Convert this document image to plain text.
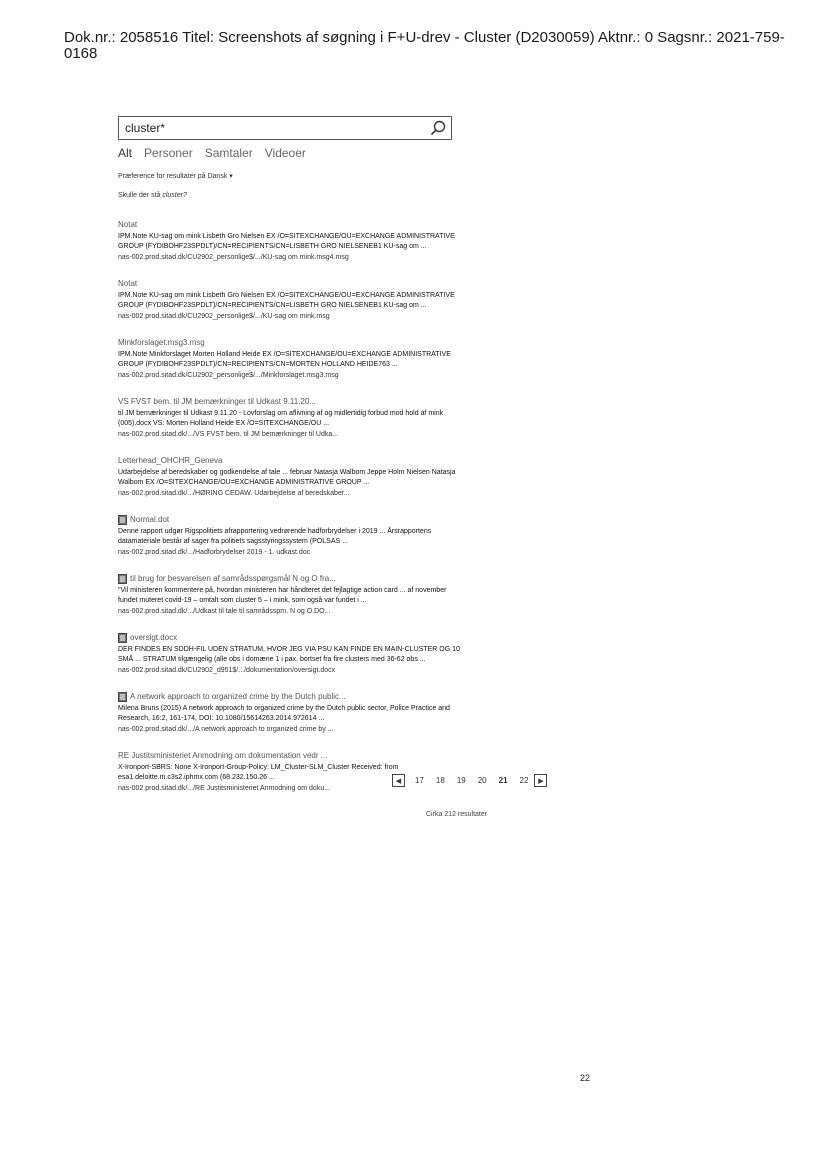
Dok.nr.: 2058516 Titel: Screenshots af søgning i F+U-drev - Cluster (D2030059) Aktnr.: 0 Sagsnr.: 2021-759-0168
cluster*
Alt Personer Samtaler Videoer
Præference for resultater på Dansk ▾
Skulle der stå cluster?
Notat
IPM.Note KU-sag om mink Lisbeth Gro Nielsen EX /O=SITEXCHANGE/OU=EXCHANGE ADMINISTRATIVE GROUP (FYDIBOHF23SPDLT)/CN=RECIPIENTS/CN=LISBETH GRO NIELSENEB1 KU-sag om ...
nas-002.prod.sitad.dk/CU2902_personlige$/.../KU-sag om mink.msg4.msg
Notat
IPM.Note KU-sag om mink Lisbeth Gro Nielsen EX /O=SITEXCHANGE/OU=EXCHANGE ADMINISTRATIVE GROUP (FYDIBOHF23SPDLT)/CN=RECIPIENTS/CN=LISBETH GRO NIELSENEB1 KU-sag om ...
nas-002.prod.sitad.dk/CU2902_personlige$/.../KU-sag om mink.msg
Minkforslaget.msg3.msg
IPM.Note Minkforslaget Morten Holland Heide EX /O=SITEXCHANGE/OU=EXCHANGE ADMINISTRATIVE GROUP (FYDIBOHF23SPDLT)/CN=RECIPIENTS/CN=MORTEN HOLLAND HEIDE763 ...
nas-002.prod.sitad.dk/CU2902_personlige$/.../Minkforslaget.msg3.msg
VS FVST bem. til JM bemærkninger til Udkast 9.11.20...
til JM bemærkninger til Udkast 9.11.20 - Lovforslag om aflivning af og midlertidig forbud mod hold af mink (005).docx VS: Morten Holland Heide EX /O=SITEXCHANGE/OU ...
nas-002.prod.sitad.dk/.../VS FVST bem. til JM bemærkninger til Udka...
Letterhead_OHCHR_Geneva
Udarbejdelse af beredskaber og godkendelse af tale ... februar Natasja Walbom Jeppe Holm Nielsen Natasja Walbom EX /O=SITEXCHANGE/OU=EXCHANGE ADMINISTRATIVE GROUP ...
nas-002.prod.sitad.dk/.../HØRING CEDAW. Udarbejdelse af beredskaber...
Normal.dot
Denne rapport udgør Rigspolitiets afrapportering vedrørende hadforbrydelser i 2019 ... Årsrapportens datamateriale består af sager fra politiets sagsstyringssystem (POLSAS ...
nas-002.prod.sitad.dk/.../Hadforbrydelser 2019 - 1. udkast.doc
til brug for besvarelsen af samrådsspørgsmål N og O fra...
"Vil ministeren kommentere på, hvordan ministeren har håndteret det fejlagtige action card ... af november fundet muteret covid-19 – omtalt som cluster 5 – i mink, som også var fundet i ...
nas-002.prod.sitad.dk/.../Udkast til tale til samrådsspm. N og O.DO...
oversigt.docx
DER FINDES EN SDDH-FIL UDEN STRATUM, HVOR JEG VIA PSU KAN FINDE EN MAIN-CLUSTER OG 10 SMÅ ... STRATUM tilgængelig (alle obs i domæne 1 i pax. bortset fra fire clusters med 36-62 obs ...
nas-002.prod.sitad.dk/CU2902_d951$/.../dokumentation/oversigt.docx
A network approach to organized crime by the Dutch public...
Milena Bruns (2015) A network approach to organized crime by the Dutch public sector, Police Practice and Research, 16:2, 161-174, DOI: 10.1080/15614263.2014.972614 ...
nas-002.prod.sitad.dk/.../A network approach to organized crime by ...
RE Justitsministeriet Anmodning om dokumentation vedr ...
X-Ironport-SBRS: None X-Ironport-Group-Policy: LM_Cluster-SLM_Cluster Received: from esa1.deloitte.m.c3s2.iphmx.com (68.232.150.26 ...
nas-002.prod.sitad.dk/.../RE Justitsministeriet Anmodning om doku...
◀	17 18 19 20 21 22	▶
Cirka 212 resultater
22
